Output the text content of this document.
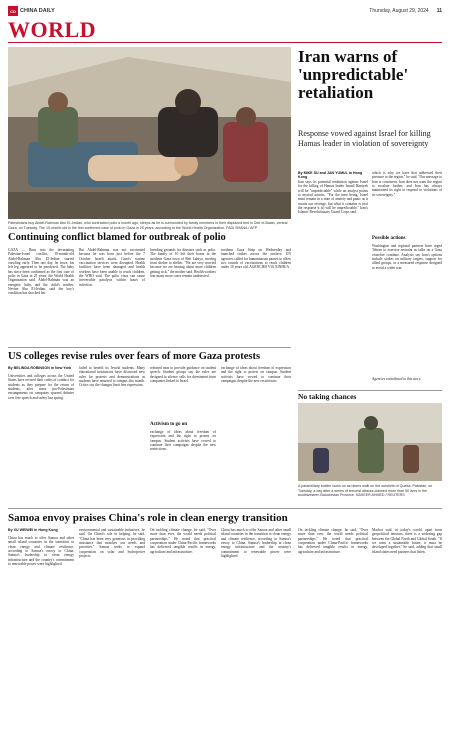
CD CHINA DAILY	Thursday, August 29, 2024 11
WORLD
Palestinians buy Abdel-Rahman Abu El-Jedian, who contracted polio a month ago, sleeps as he is surrounded by family members in their displaced tent in Deir el-Balah, central Gaza, on Tuesday. The 10-month-old is the first confirmed case of polio in Gaza in 25 years, according to the World Health Organization. FADI SHANA / AFP
Iran warns of 'unpredictable' retaliation
Response vowed against Israel for killing Hamas leader in violation of sovereignty
By MIKE SU and JAN YUMUL in Hong Kong
Iran says its potential retaliation against Israel for the killing of Hamas leader Ismail Haniyeh will be "unpredictable" while an analyst points to myriad actions. "For the time being, Israel must remain in a state of anxiety and panic as it awaits our revenge, but what it contains is (not the response it is) will be unpredictable," Iran's Islamic Revolutionary Guard Corps said.
which is why we have that addressed their pressure to the region," he said. "Our message to Iran is consistent. Iran does not want the region to escalate further, and Iran has always maintained its right to respond to violations of its sovereignty."
Possible actions
Washington and regional partners have urged Tehran to exercise restraint as talks on a Gaza ceasefire continue. Analysts say Iran's options include strikes on military targets, support for allied groups, or a measured response designed to avoid a wider war.
Agencies contributed to this story.
Continuing conflict blamed for outbreak of polio
GAZA — Born into the devastating Palestine-Israel conflict, 10-month-old Abdel-Rahman Abu El-Jedian started crawling early. Then one day, he froze, his left leg appeared to be paralyzed. The baby has since been confirmed as the first case of polio in Gaza in 25 years, the World Health Organization said. Abdel-Rahman was an energetic baby, and the child's mother, Nevine Abu El-Jedian, said the boy's condition has shocked her.
But Abdel-Rahman was not vaccinated because he was born just before the 7 October Israeli attack. Gaza's routine vaccination services were disrupted. Health facilities have been damaged and health workers have been unable to reach children, the WHO said. The polio virus can cause irreversible paralysis within hours of infection.
breeding grounds for diseases such as polio. The family of 10 left their home in the northern Gaza town of Beit Lahiya, moving from shelter to shelter. "We are very worried because we are hearing about more children getting sick," the mother said. Health workers fear many more cases remain undetected.
northern Gaza Strip on Wednesday and launched strikes across the enclave. UN agencies called for humanitarian pauses to allow two rounds of vaccinations to reach children under 10 years old. AGENCIES VIA XINHUA
US colleges revise rules over fears of more Gaza protests
By BELINDA ROBINSON in New York
Universities and colleges across the United States have revised their codes of conduct for students as they prepare for the return of students, after mass pro-Palestinian encampments on campuses spurred debates over free speech and safety last spring.
failed to benefit its Jewish students. Many educational institutions have discussed new rules for protests and demonstrations as students have returned to campus this month. Critics say the changes limit free expression.
released near to provide guidance on student speech. Student groups say the rules are designed to silence calls for divestment from companies linked to Israel.
Activism to go on
exchange of ideas about freedom of expression and the right to protest on campus. Student activists have vowed to continue their campaigns despite the new restrictions.
exchange of ideas about freedom of expression and the right to protest on campus. Student activists have vowed to continue their campaigns despite the new restrictions.
No taking chances
A paramilitary soldier looks on as hikers walk on the outskirts of Quetta, Pakistan, on Tuesday, a day after a series of terrorist attacks claimed more than 50 lives in the southwestern Balochistan Province. NASEER AHMED / REUTERS
Samoa envoy praises China's role in clean energy transition
By XU WEIWEI in Hong Kong
China has much to offer Samoa and other small island countries in the transition to clean energy and climate resilience, according to Samoa's envoy to China. Samoa's leadership in clean energy infrastructure and the country's commitment to renewable power were highlighted.
environmental and sustainable initiatives, he said. On China's role in helping, he said, "China has been very generous in providing assistance that matches our needs and priorities." Samoa seeks to expand cooperation on solar and hydropower projects.
On tackling climate change, he said, "Over more than ever, the world needs political partnerships." He noted that practical cooperation under China-Pacific frameworks has delivered tangible results in energy, agriculture and infrastructure.
China has much to offer Samoa and other small island countries in the transition to clean energy and climate resilience, according to Samoa's envoy to China. Samoa's leadership in clean energy infrastructure and the country's commitment to renewable power were highlighted.
On tackling climate change, he said, "Over more than ever, the world needs political partnerships." He noted that practical cooperation under China-Pacific frameworks has delivered tangible results in energy, agriculture and infrastructure.
Machoi said, in today's world, apart from geopolitical tensions, there is a widening gap between the Global North and Global South. "If we want a sustainable future, it must be developed together," he said, adding that small island states need partners that listen.
